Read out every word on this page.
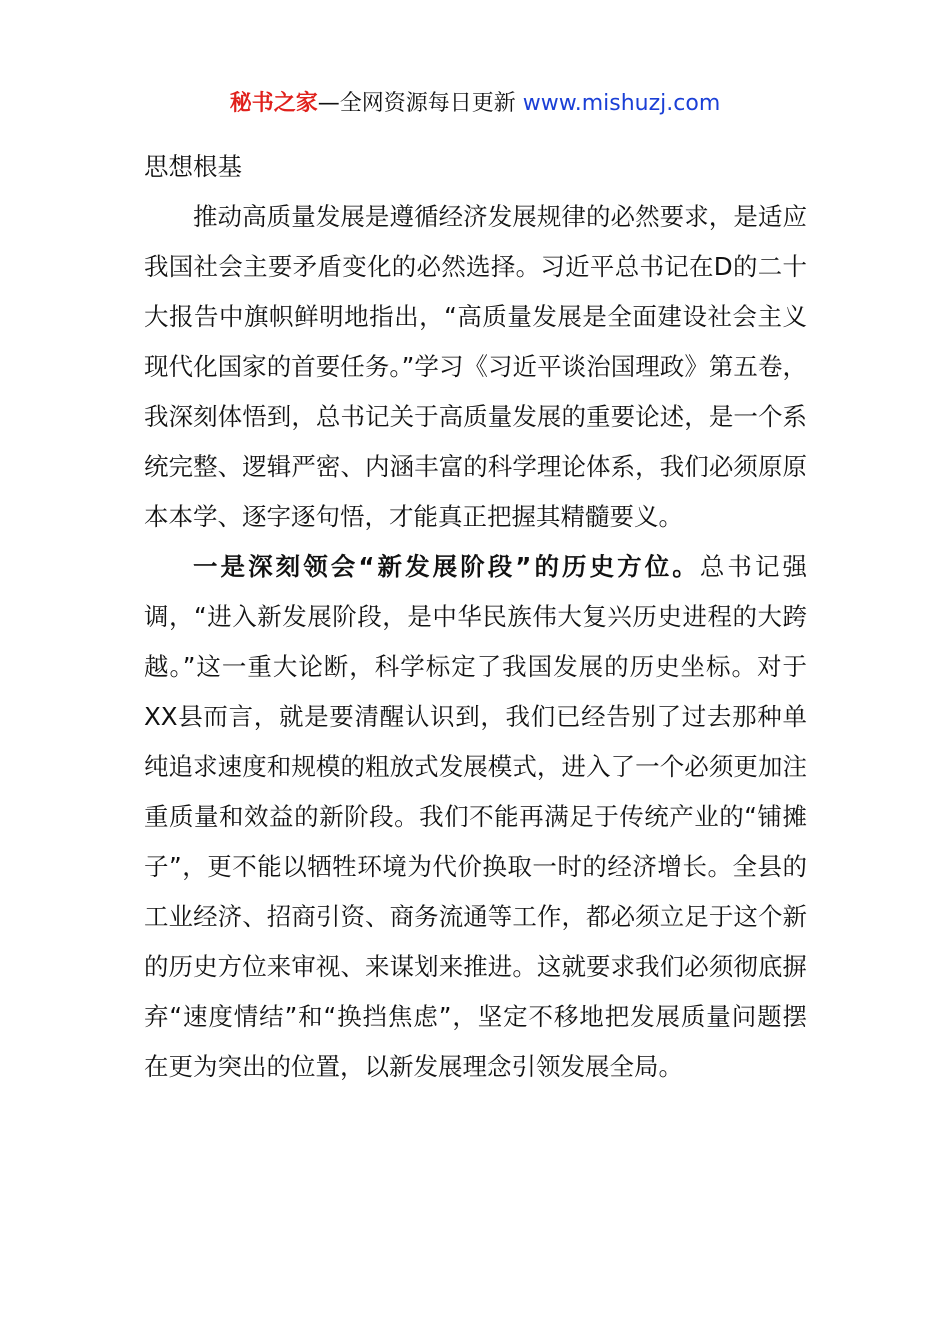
秘书之家—全网资源每日更新 www.mishuzj.com

思想根基

推动高质量发展是遵循经济发展规律的必然要求，是适应我国社会主要矛盾变化的必然选择。习近平总书记在D的二十大报告中旗帜鲜明地指出，“高质量发展是全面建设社会主义现代化国家的首要任务。”学习《习近平谈治国理政》第五卷，我深刻体悟到，总书记关于高质量发展的重要论述，是一个系统完整、逻辑严密、内涵丰富的科学理论体系，我们必须原原本本学、逐字逐句悟，才能真正把握其精髓要义。

一是深刻领会“新发展阶段”的历史方位。总书记强调，“进入新发展阶段，是中华民族伟大复兴历史进程的大跨越。”这一重大论断，科学标定了我国发展的历史坐标。对于XX县而言，就是要清醒认识到，我们已经告别了过去那种单纯追求速度和规模的粗放式发展模式，进入了一个必须更加注重质量和效益的新阶段。我们不能再满足于传统产业的“铺摊子”，更不能以牺牲环境为代价换取一时的经济增长。全县的工业经济、招商引资、商务流通等工作，都必须立足于这个新的历史方位来审视、来谋划来推进。这就要求我们必须彻底摒弃“速度情结”和“换挡焦虑”，坚定不移地把发展质量问题摆在更为突出的位置，以新发展理念引领发展全局。
